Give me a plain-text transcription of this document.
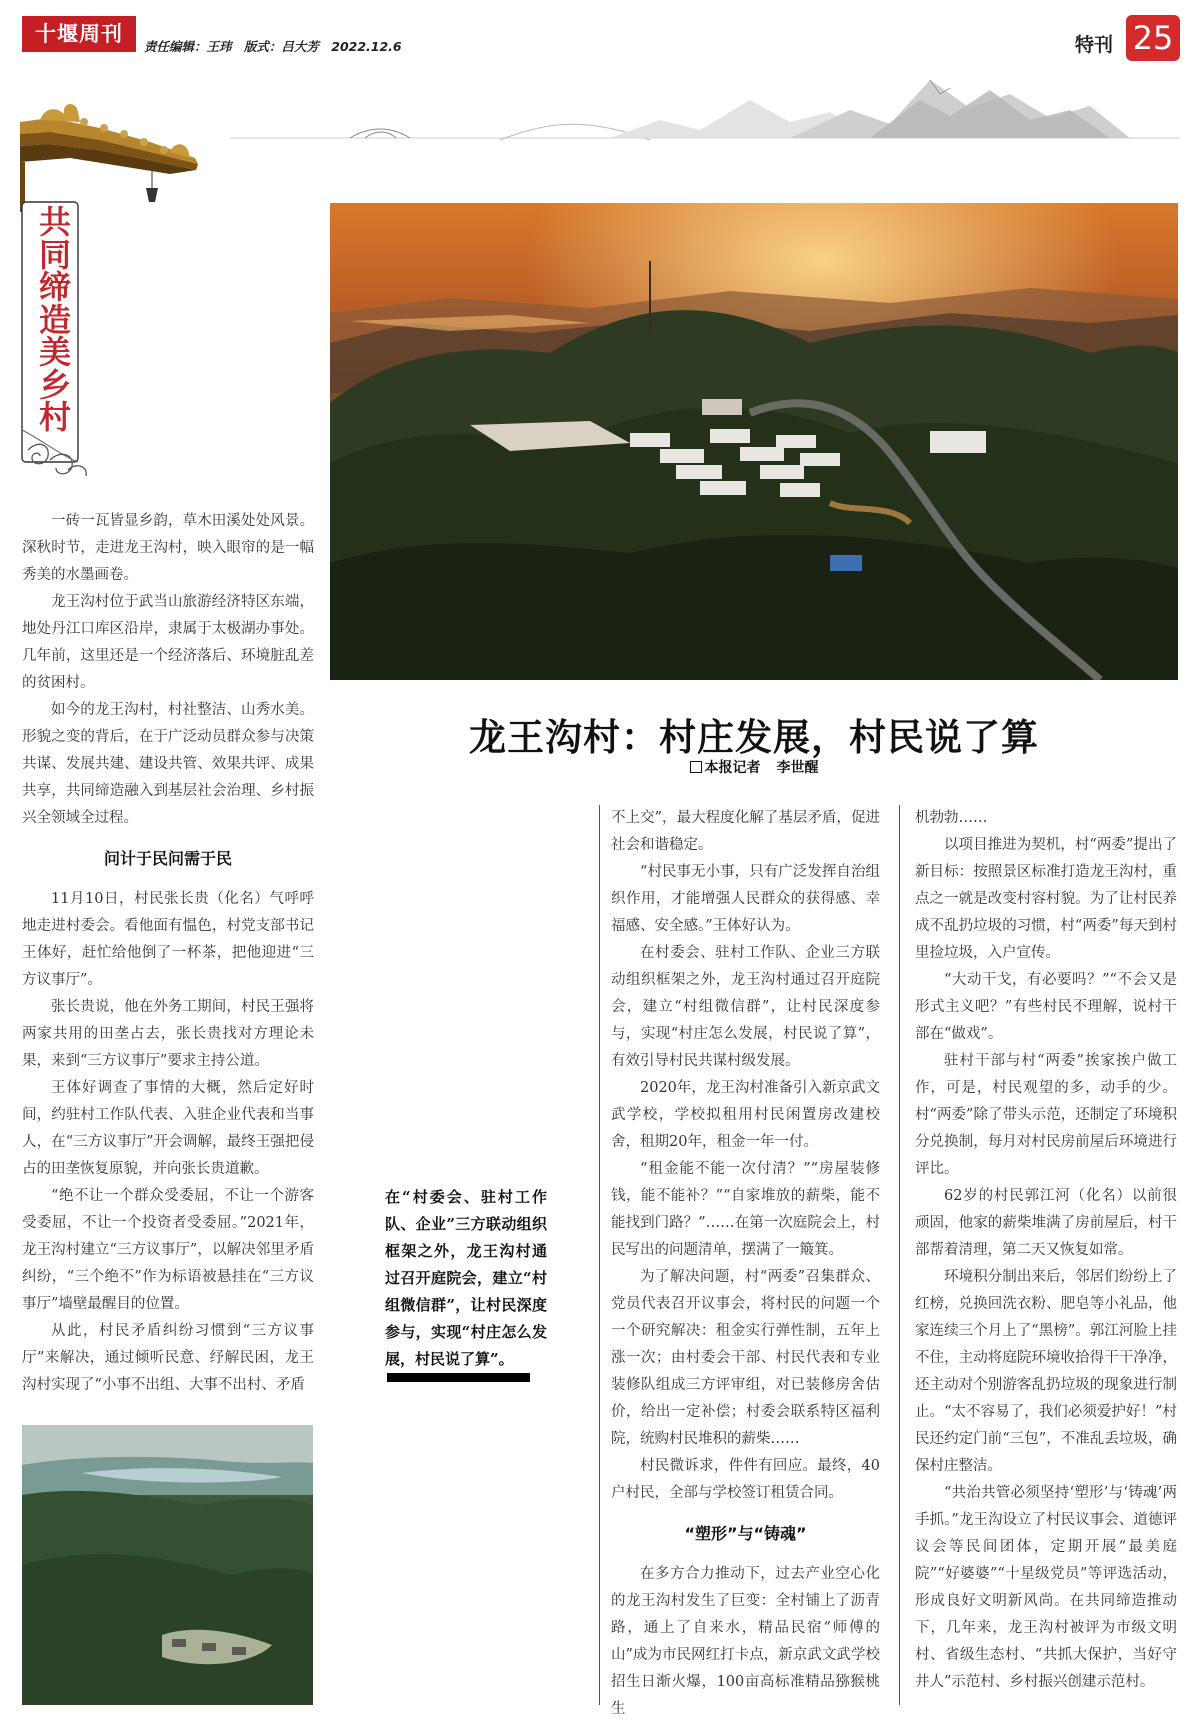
十堰周刊
责任编辑：王玮 版式：吕大芳 2022.12.6	特刊 25
共
同
缔
造
美
乡
村
龙王沟村：村庄发展，村民说了算
本报记者 李世醒

一砖一瓦皆显乡韵，草木田溪处处风景。深秋时节，走进龙王沟村，映入眼帘的是一幅秀美的水墨画卷。

龙王沟村位于武当山旅游经济特区东端，地处丹江口库区沿岸，隶属于太极湖办事处。几年前，这里还是一个经济落后、环境脏乱差的贫困村。

如今的龙王沟村，村社整洁、山秀水美。形貌之变的背后，在于广泛动员群众参与决策共谋、发展共建、建设共管、效果共评、成果共享，共同缔造融入到基层社会治理、乡村振兴全领域全过程。

问计于民问需于民

11月10日，村民张长贵（化名）气呼呼地走进村委会。看他面有愠色，村党支部书记王体好，赶忙给他倒了一杯茶，把他迎进“三方议事厅”。

张长贵说，他在外务工期间，村民王强将两家共用的田垄占去，张长贵找对方理论未果，来到“三方议事厅”要求主持公道。

王体好调查了事情的大概，然后定好时间，约驻村工作队代表、入驻企业代表和当事人，在“三方议事厅”开会调解，最终王强把侵占的田垄恢复原貌，并向张长贵道歉。

“绝不让一个群众受委屈，不让一个游客受委屈，不让一个投资者受委屈。”2021年，龙王沟村建立“三方议事厅”，以解决邻里矛盾纠纷，“三个绝不”作为标语被悬挂在“三方议事厅”墙壁最醒目的位置。

从此，村民矛盾纠纷习惯到“三方议事厅”来解决，通过倾听民意、纾解民困，龙王沟村实现了“小事不出组、大事不出村、矛盾

在“村委会、驻村工作队、企业”三方联动组织框架之外，龙王沟村通过召开庭院会，建立“村组微信群”，让村民深度参与，实现“村庄怎么发展，村民说了算”。

不上交”，最大程度化解了基层矛盾，促进社会和谐稳定。

“村民事无小事，只有广泛发挥自治组织作用，才能增强人民群众的获得感、幸福感、安全感。”王体好认为。

在村委会、驻村工作队、企业三方联动组织框架之外，龙王沟村通过召开庭院会，建立“村组微信群”，让村民深度参与，实现“村庄怎么发展，村民说了算”，有效引导村民共谋村级发展。

2020年，龙王沟村准备引入新京武文武学校，学校拟租用村民闲置房改建校舍，租期20年，租金一年一付。

“租金能不能一次付清？”“房屋装修钱，能不能补？”“自家堆放的薪柴，能不能找到门路？”……在第一次庭院会上，村民写出的问题清单，摆满了一簸箕。

为了解决问题，村“两委”召集群众、党员代表召开议事会，将村民的问题一个一个研究解决：租金实行弹性制，五年上涨一次；由村委会干部、村民代表和专业装修队组成三方评审组，对已装修房舍估价，给出一定补偿；村委会联系特区福利院，统购村民堆积的薪柴……

村民微诉求，件件有回应。最终，40户村民，全部与学校签订租赁合同。

“塑形”与“铸魂”

在多方合力推动下，过去产业空心化的龙王沟村发生了巨变：全村铺上了沥青路，通上了自来水，精品民宿“师傅的山”成为市民网红打卡点，新京武文武学校招生日渐火爆，100亩高标准精品猕猴桃生

机勃勃……

以项目推进为契机，村“两委”提出了新目标：按照景区标准打造龙王沟村，重点之一就是改变村容村貌。为了让村民养成不乱扔垃圾的习惯，村“两委”每天到村里捡垃圾，入户宣传。

“大动干戈，有必要吗？”“不会又是形式主义吧？”有些村民不理解，说村干部在“做戏”。

驻村干部与村“两委”挨家挨户做工作，可是，村民观望的多，动手的少。村“两委”除了带头示范，还制定了环境积分兑换制，每月对村民房前屋后环境进行评比。

62岁的村民郭江河（化名）以前很顽固，他家的薪柴堆满了房前屋后，村干部帮着清理，第二天又恢复如常。

环境积分制出来后，邻居们纷纷上了红榜，兑换回洗衣粉、肥皂等小礼品，他家连续三个月上了“黑榜”。郭江河脸上挂不住，主动将庭院环境收拾得干干净净，还主动对个别游客乱扔垃圾的现象进行制止。“太不容易了，我们必须爱护好！”村民还约定门前“三包”，不准乱丢垃圾，确保村庄整洁。

“共治共管必须坚持‘塑形’与‘铸魂’两手抓。”龙王沟设立了村民议事会、道德评议会等民间团体，定期开展“最美庭院”“好婆婆”“十星级党员”等评选活动，形成良好文明新风尚。在共同缔造推动下，几年来，龙王沟村被评为市级文明村、省级生态村、“共抓大保护，当好守井人”示范村、乡村振兴创建示范村。
